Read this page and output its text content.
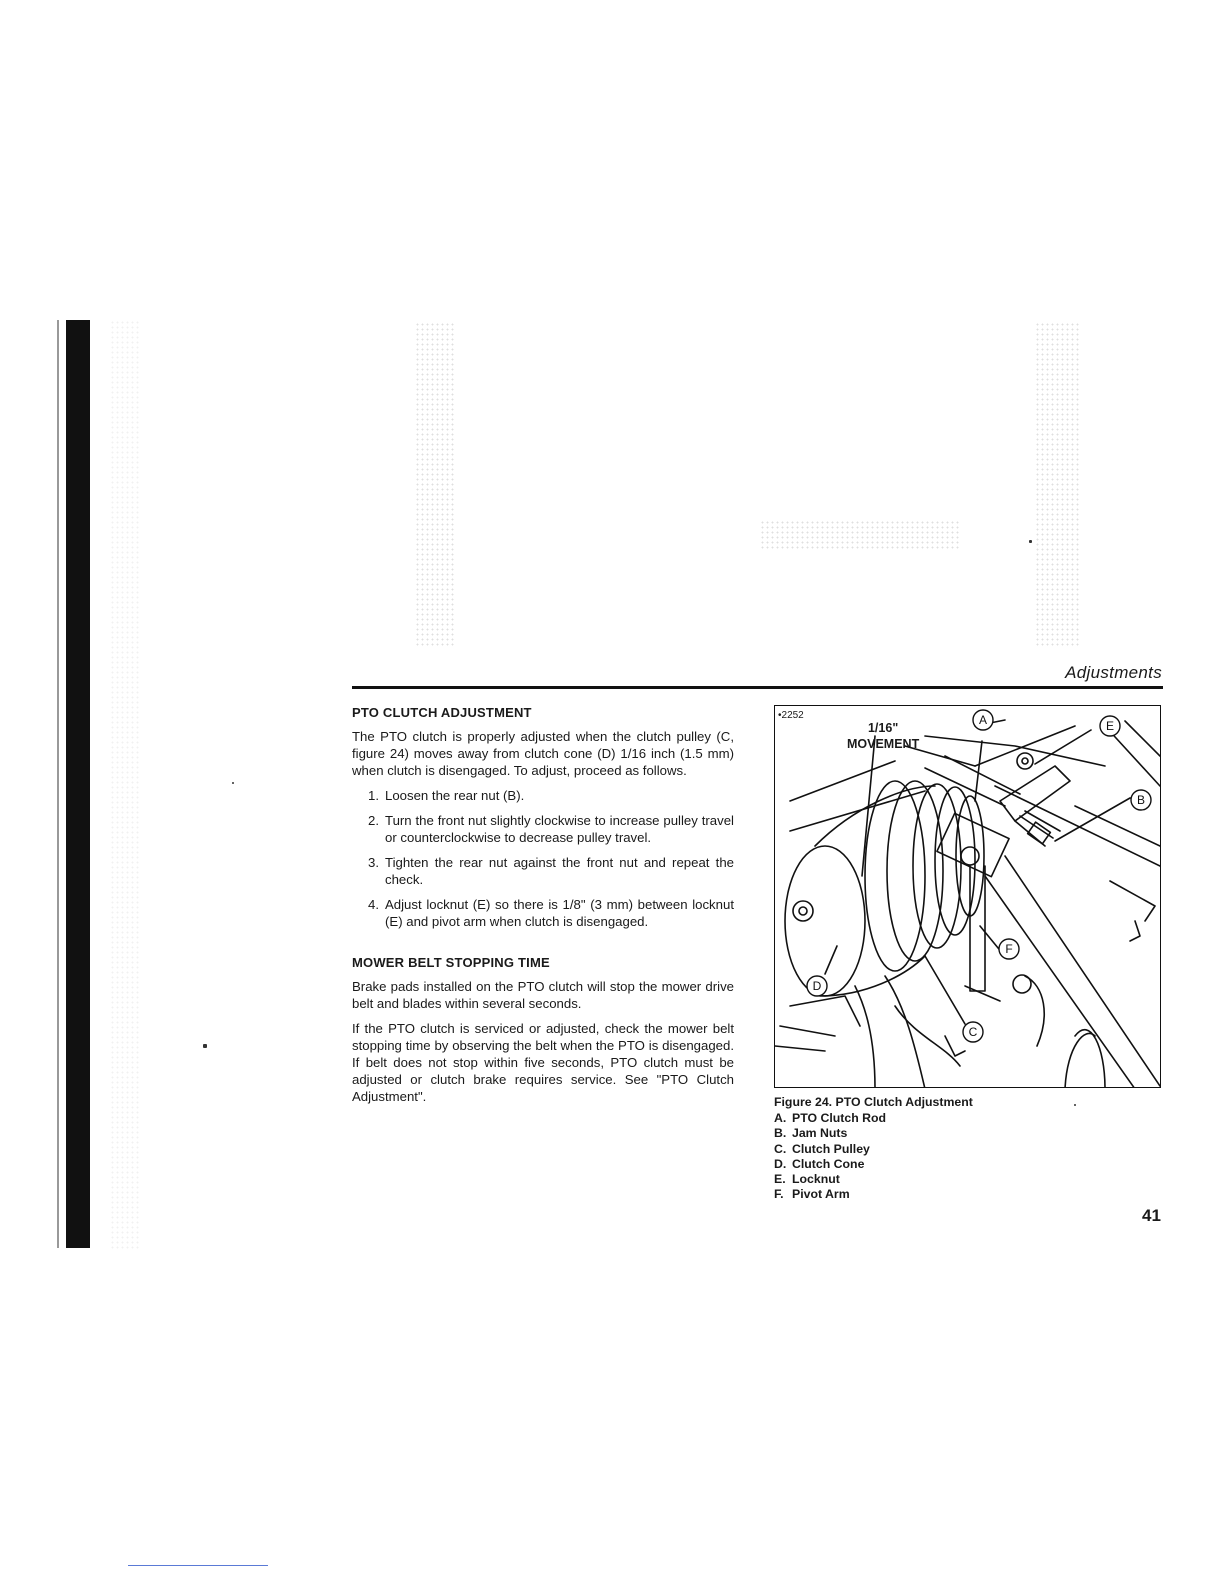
Adjustments
PTO CLUTCH ADJUSTMENT

The PTO clutch is properly adjusted when the clutch pulley (C, figure 24) moves away from clutch cone (D) 1/16 inch (1.5 mm) when clutch is disengaged. To adjust, proceed as follows.

1. Loosen the rear nut (B).
2. Turn the front nut slightly clockwise to increase pulley travel or counterclockwise to decrease pulley travel.
3. Tighten the rear nut against the front nut and repeat the check.
4. Adjust locknut (E) so there is 1/8" (3 mm) between locknut (E) and pivot arm when clutch is disengaged.
MOWER BELT STOPPING TIME

Brake pads installed on the PTO clutch will stop the mower drive belt and blades within several seconds.

If the PTO clutch is serviced or adjusted, check the mower belt stopping time by observing the belt when the PTO is disengaged. If belt does not stop within five seconds, PTO clutch must be adjusted or clutch brake requires service. See "PTO Clutch Adjustment".

A	E
B
F
D
C
•2252
1/16"
MOVEMENT
Figure 24. PTO Clutch Adjustment
A. PTO Clutch Rod
B. Jam Nuts
C. Clutch Pulley
D. Clutch Cone
E. Locknut
F. Pivot Arm
41
